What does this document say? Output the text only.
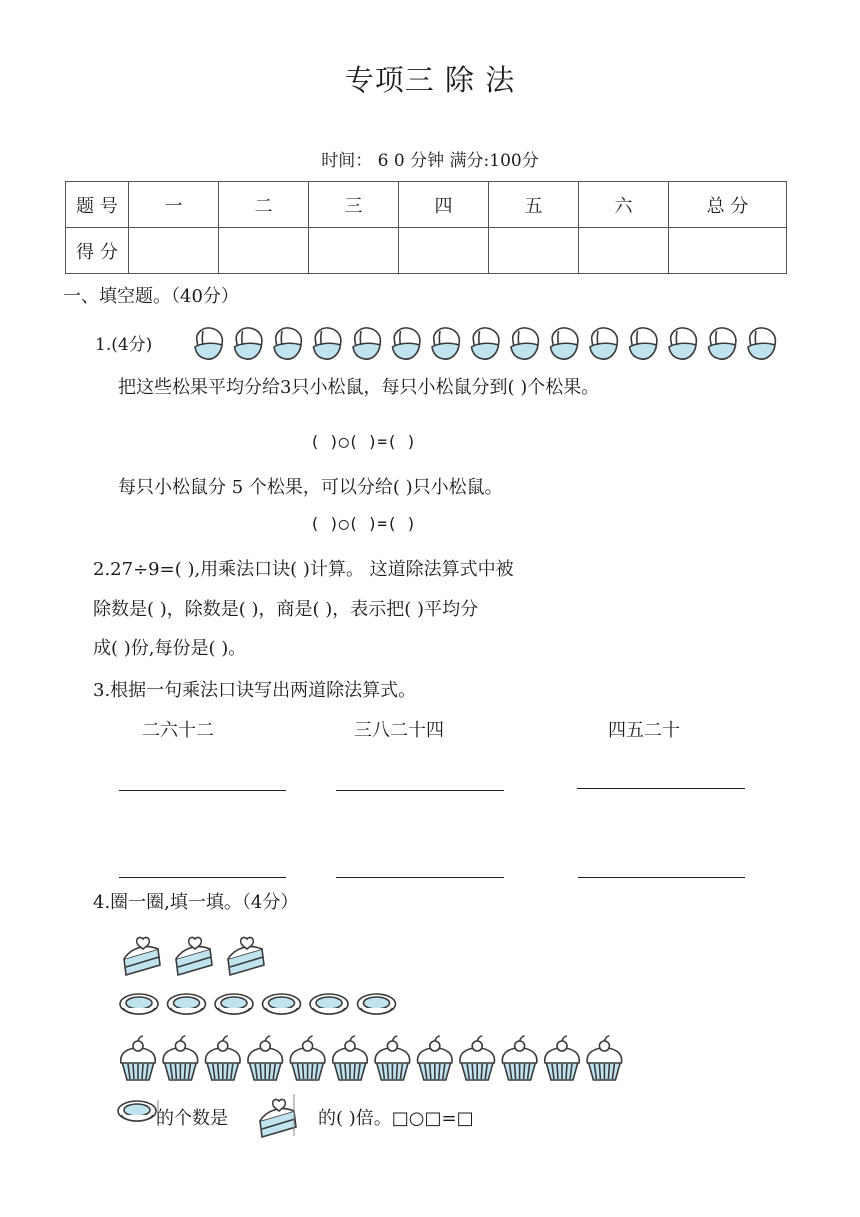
专项三 除 法
时间： 6 0 分钟 满分:100分
题 号	一	二	三	四	五	六	总 分
得 分							
一、填空题。（40分）
1.(4分)
把这些松果平均分给3只小松鼠，每只小松鼠分到( )个松果。
( )◯( )=( )
每只小松鼠分 5 个松果，可以分给( )只小松鼠。
( )◯( )=( )
2.27÷9=( ),用乘法口诀( )计算。 这道除法算式中被
除数是( )，除数是( )，商是( )，表示把( )平均分
成( )份,每份是( )。
3.根据一句乘法口诀写出两道除法算式。
二六十二	三八二十四	四五二十
4.圈一圈,填一填。（4分）
的个数是	的( )倍。□○□=□
